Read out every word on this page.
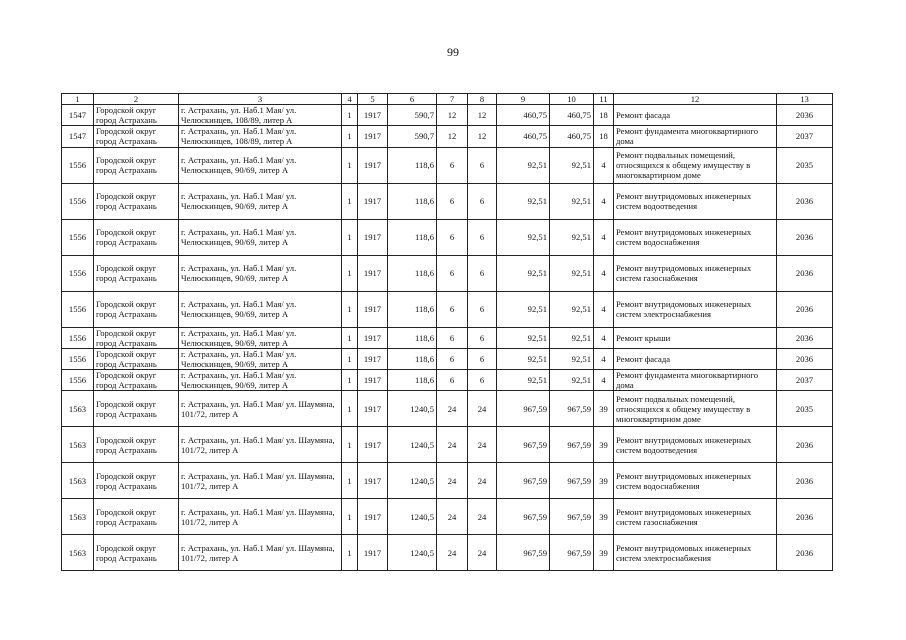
99
1	2	3	4	5	6	7	8	9	10	11	12	13
1547	Городской округ город Астрахань	г. Астрахань, ул. Наб.1 Мая/ ул. Челюскинцев, 108/89, литер А	1	1917	590,7	12	12	460,75	460,75	18	Ремонт фасада	2036
1547	Городской округ город Астрахань	г. Астрахань, ул. Наб.1 Мая/ ул. Челюскинцев, 108/89, литер А	1	1917	590,7	12	12	460,75	460,75	18	Ремонт фундамента многоквартирного дома	2037
1556	Городской округ город Астрахань	г. Астрахань, ул. Наб.1 Мая/ ул. Челюскинцев, 90/69, литер А	1	1917	118,6	6	6	92,51	92,51	4	Ремонт подвальных помещений, относящихся к общему имуществу в многоквартирном доме	2035
1556	Городской округ город Астрахань	г. Астрахань, ул. Наб.1 Мая/ ул. Челюскинцев, 90/69, литер А	1	1917	118,6	6	6	92,51	92,51	4	Ремонт внутридомовых инженерных систем водоотведения	2036
1556	Городской округ город Астрахань	г. Астрахань, ул. Наб.1 Мая/ ул. Челюскинцев, 90/69, литер А	1	1917	118,6	6	6	92,51	92,51	4	Ремонт внутридомовых инженерных систем водоснабжения	2036
1556	Городской округ город Астрахань	г. Астрахань, ул. Наб.1 Мая/ ул. Челюскинцев, 90/69, литер А	1	1917	118,6	6	6	92,51	92,51	4	Ремонт внутридомовых инженерных систем газоснабжения	2036
1556	Городской округ город Астрахань	г. Астрахань, ул. Наб.1 Мая/ ул. Челюскинцев, 90/69, литер А	1	1917	118,6	6	6	92,51	92,51	4	Ремонт внутридомовых инженерных систем электроснабжения	2036
1556	Городской округ город Астрахань	г. Астрахань, ул. Наб.1 Мая/ ул. Челюскинцев, 90/69, литер А	1	1917	118,6	6	6	92,51	92,51	4	Ремонт крыши	2036
1556	Городской округ город Астрахань	г. Астрахань, ул. Наб.1 Мая/ ул. Челюскинцев, 90/69, литер А	1	1917	118,6	6	6	92,51	92,51	4	Ремонт фасада	2036
1556	Городской округ город Астрахань	г. Астрахань, ул. Наб.1 Мая/ ул. Челюскинцев, 90/69, литер А	1	1917	118,6	6	6	92,51	92,51	4	Ремонт фундамента многоквартирного дома	2037
1563	Городской округ город Астрахань	г. Астрахань, ул. Наб.1 Мая/ ул. Шаумяна, 101/72, литер А	1	1917	1240,5	24	24	967,59	967,59	39	Ремонт подвальных помещений, относящихся к общему имуществу в многоквартирном доме	2035
1563	Городской округ город Астрахань	г. Астрахань, ул. Наб.1 Мая/ ул. Шаумяна, 101/72, литер А	1	1917	1240,5	24	24	967,59	967,59	39	Ремонт внутридомовых инженерных систем водоотведения	2036
1563	Городской округ город Астрахань	г. Астрахань, ул. Наб.1 Мая/ ул. Шаумяна, 101/72, литер А	1	1917	1240,5	24	24	967,59	967,59	39	Ремонт внутридомовых инженерных систем водоснабжения	2036
1563	Городской округ город Астрахань	г. Астрахань, ул. Наб.1 Мая/ ул. Шаумяна, 101/72, литер А	1	1917	1240,5	24	24	967,59	967,59	39	Ремонт внутридомовых инженерных систем газоснабжения	2036
1563	Городской округ город Астрахань	г. Астрахань, ул. Наб.1 Мая/ ул. Шаумяна, 101/72, литер А	1	1917	1240,5	24	24	967,59	967,59	39	Ремонт внутридомовых инженерных систем электроснабжения	2036
